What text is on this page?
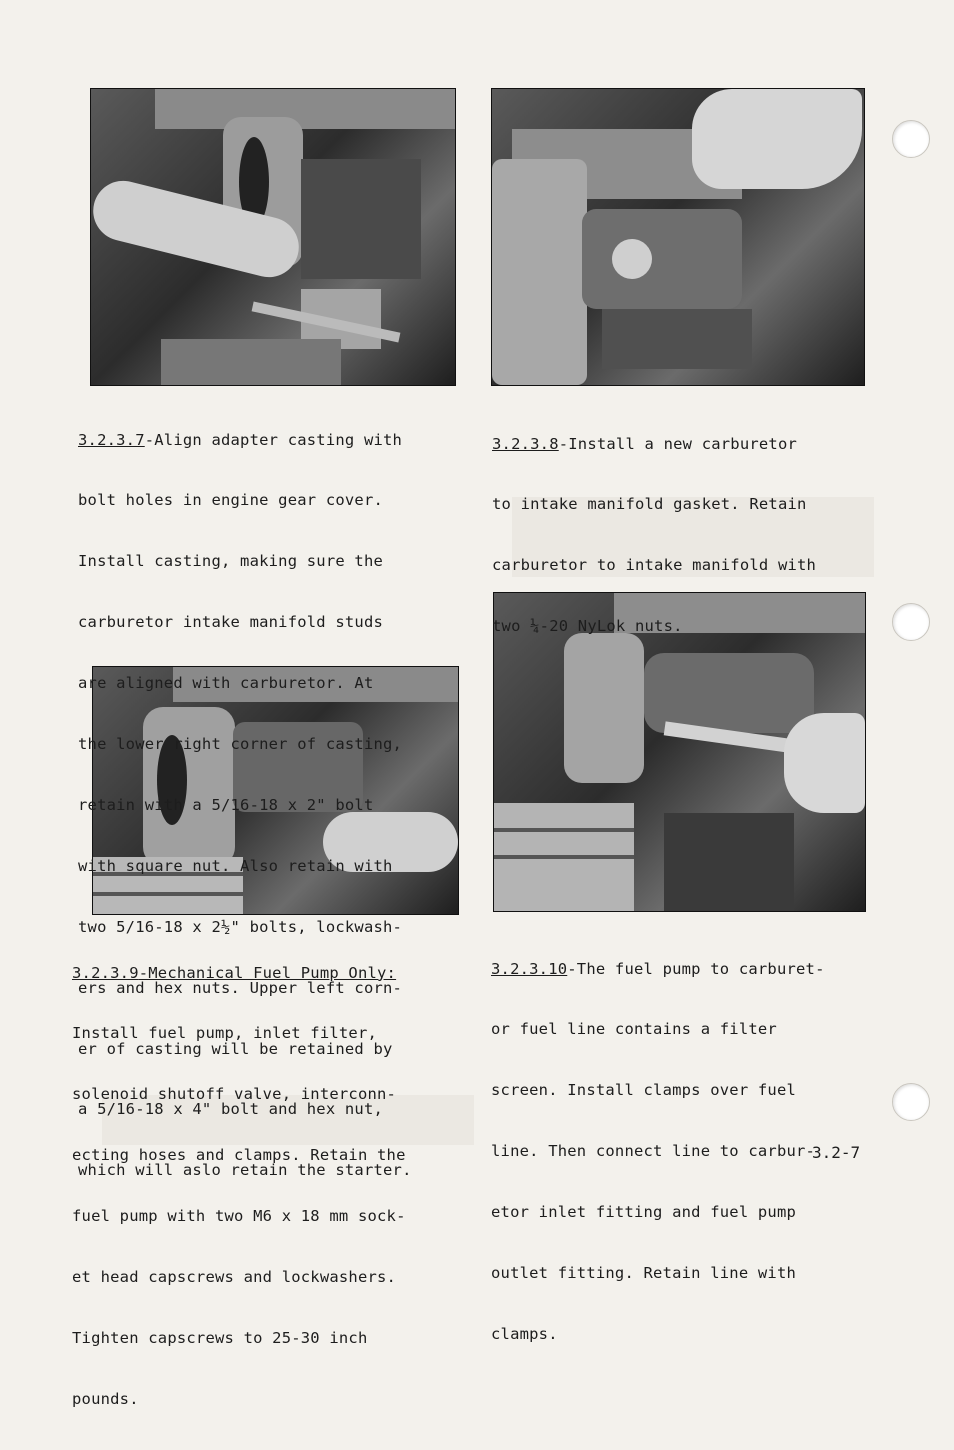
3.2.3.7-Align adapter casting with

bolt holes in engine gear cover.

Install casting, making sure the

carburetor intake manifold studs

are aligned with carburetor. At

the lower right corner of casting,

retain with a 5/16-18 x 2" bolt

with square nut. Also retain with

two 5/16-18 x 2½" bolts, lockwash-

ers and hex nuts. Upper left corn-

er of casting will be retained by

a 5/16-18 x 4" bolt and hex nut,

which will aslo retain the starter.

3.2.3.8-Install a new carburetor

to intake manifold gasket. Retain

carburetor to intake manifold with

two ¼-20 NyLok nuts.

3.2.3.9-Mechanical Fuel Pump Only:

Install fuel pump, inlet filter,

solenoid shutoff valve, interconn-

ecting hoses and clamps. Retain the

fuel pump with two M6 x 18 mm sock-

et head capscrews and lockwashers.

Tighten capscrews to 25-30 inch

pounds.

3.2.3.10-The fuel pump to carburet-

or fuel line contains a filter

screen. Install clamps over fuel

line. Then connect line to carbur-

etor inlet fitting and fuel pump

outlet fitting. Retain line with

clamps.

3.2-7
